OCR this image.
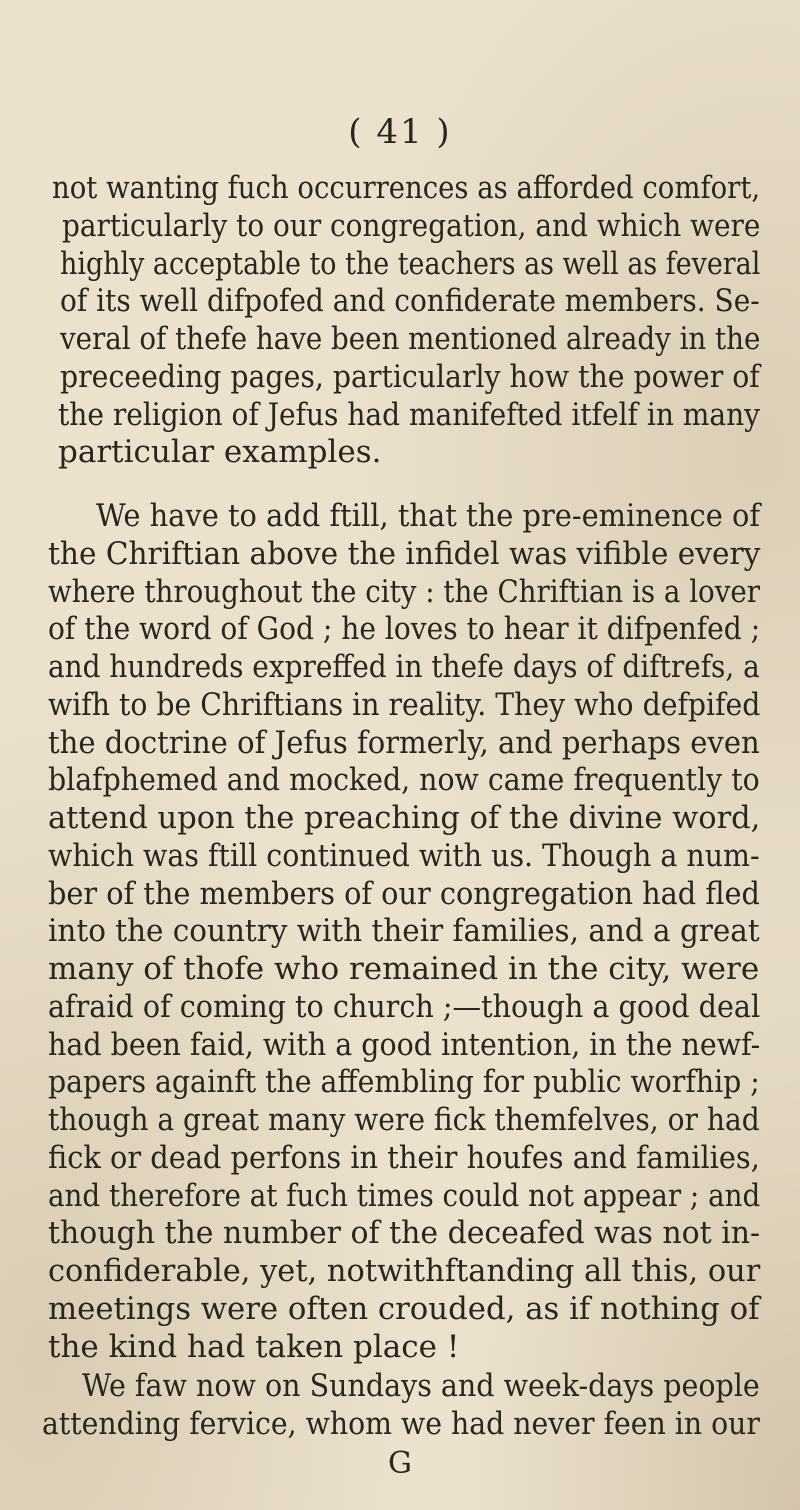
( 41 )
not wanting fuch occurrences as afforded comfort,
particularly to our congregation, and which were
highly acceptable to the teachers as well as feveral
of its well difpofed and confiderate members. Se-
veral of thefe have been mentioned already in the
preceeding pages, particularly how the power of
the religion of Jefus had manifefted itfelf in many
particular examples.
We have to add ftill, that the pre-eminence of
the Chriftian above the infidel was vifible every
where throughout the city : the Chriftian is a lover
of the word of God ; he loves to hear it difpenfed ;
and hundreds expreffed in thefe days of diftrefs, a
wifh to be Chriftians in reality. They who defpifed
the doctrine of Jefus formerly, and perhaps even
blafphemed and mocked, now came frequently to
attend upon the preaching of the divine word,
which was ftill continued with us. Though a num-
ber of the members of our congregation had fled
into the country with their families, and a great
many of thofe who remained in the city, were
afraid of coming to church ;—though a good deal
had been faid, with a good intention, in the newf-
papers againft the affembling for public worfhip ;
though a great many were fick themfelves, or had
fick or dead perfons in their houfes and families,
and therefore at fuch times could not appear ; and
though the number of the deceafed was not in-
confiderable, yet, notwithftanding all this, our
meetings were often crouded, as if nothing of
the kind had taken place !
We faw now on Sundays and week-days people
attending fervice, whom we had never feen in our
G
